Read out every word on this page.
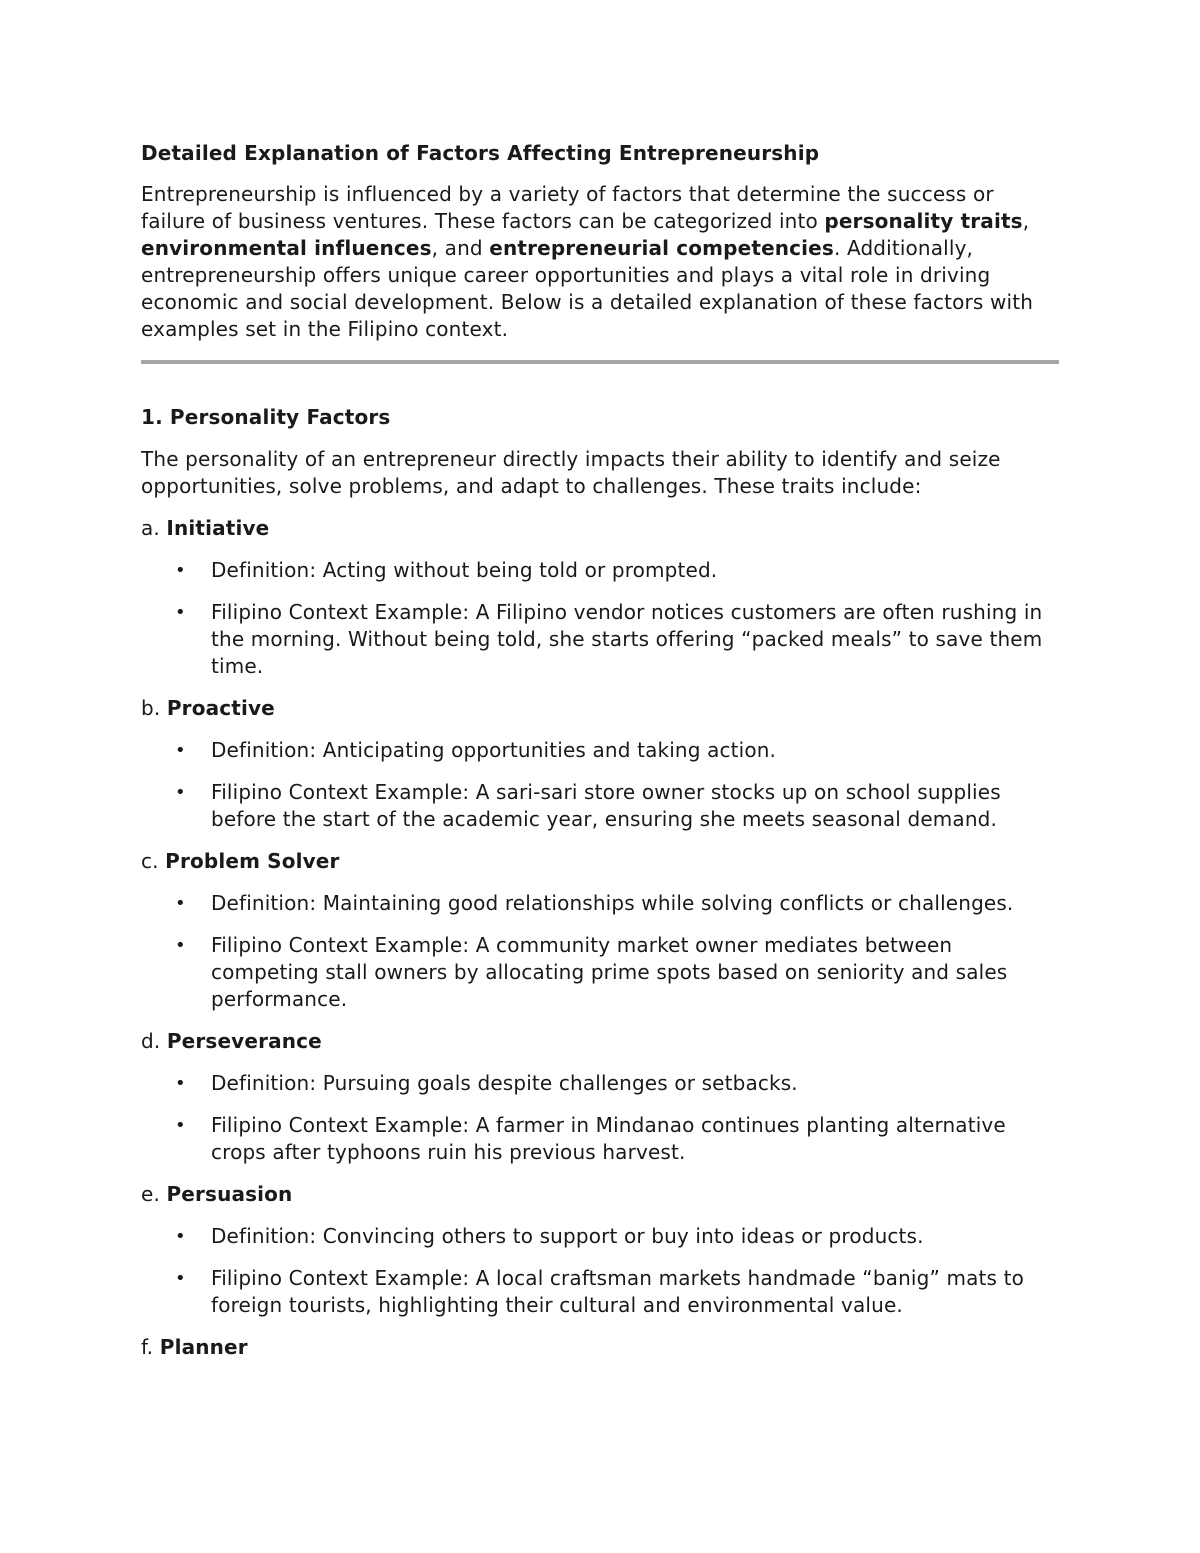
Detailed Explanation of Factors Affecting Entrepreneurship

Entrepreneurship is influenced by a variety of factors that determine the success or failure of business ventures. These factors can be categorized into personality traits, environmental influences, and entrepreneurial competencies. Additionally, entrepreneurship offers unique career opportunities and plays a vital role in driving economic and social development. Below is a detailed explanation of these factors with examples set in the Filipino context.

1. Personality Factors

The personality of an entrepreneur directly impacts their ability to identify and seize opportunities, solve problems, and adapt to challenges. These traits include:

a. Initiative
• Definition: Acting without being told or prompted.
• Filipino Context Example: A Filipino vendor notices customers are often rushing in the morning. Without being told, she starts offering “packed meals” to save them time.
b. Proactive
• Definition: Anticipating opportunities and taking action.
• Filipino Context Example: A sari-sari store owner stocks up on school supplies before the start of the academic year, ensuring she meets seasonal demand.
c. Problem Solver
• Definition: Maintaining good relationships while solving conflicts or challenges.
• Filipino Context Example: A community market owner mediates between competing stall owners by allocating prime spots based on seniority and sales performance.
d. Perseverance
• Definition: Pursuing goals despite challenges or setbacks.
• Filipino Context Example: A farmer in Mindanao continues planting alternative crops after typhoons ruin his previous harvest.
e. Persuasion
• Definition: Convincing others to support or buy into ideas or products.
• Filipino Context Example: A local craftsman markets handmade “banig” mats to foreign tourists, highlighting their cultural and environmental value.
f. Planner
